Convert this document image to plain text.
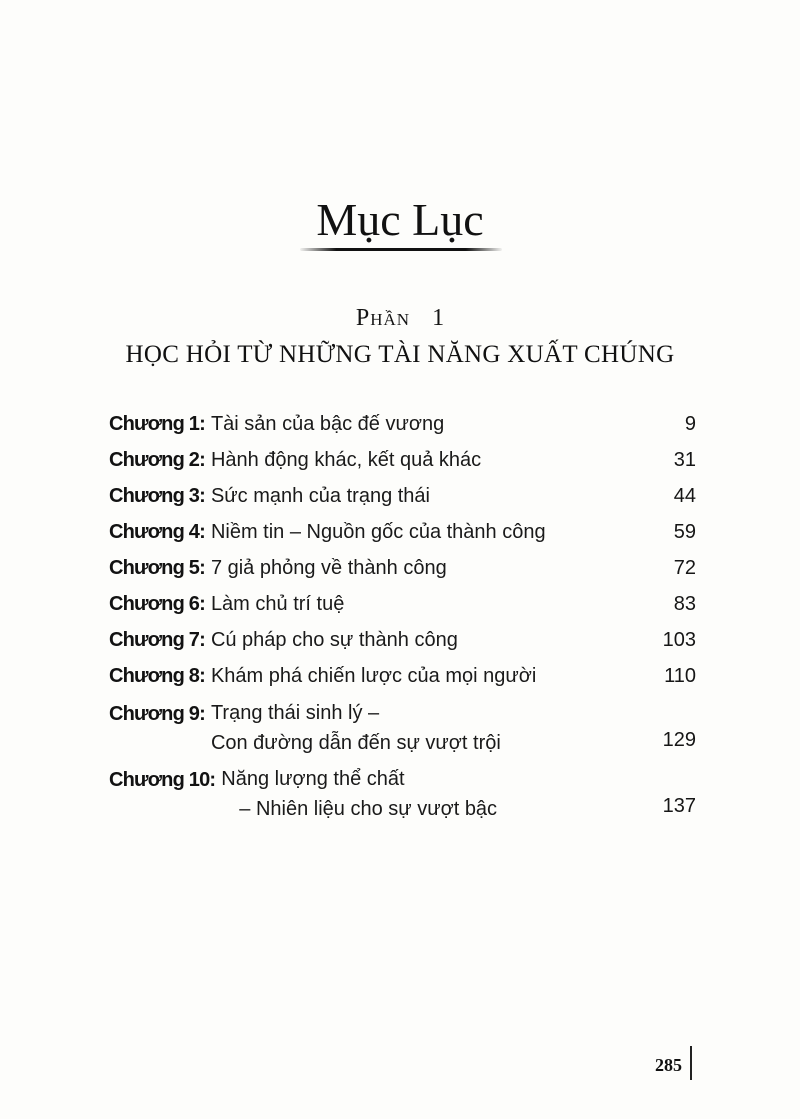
Mục Lục
Phần 1
HỌC HỎI TỪ NHỮNG TÀI NĂNG XUẤT CHÚNG
Chương 1: Tài sản của bậc đế vương	9
Chương 2: Hành động khác, kết quả khác	31
Chương 3: Sức mạnh của trạng thái	44
Chương 4: Niềm tin – Nguồn gốc của thành công	59
Chương 5: 7 giả phỏng về thành công	72
Chương 6: Làm chủ trí tuệ	83
Chương 7: Cú pháp cho sự thành công	103
Chương 8: Khám phá chiến lược của mọi người	110
Chương 9: Trạng thái sinh lý –
Con đường dẫn đến sự vượt trội	129
Chương 10: Năng lượng thể chất
– Nhiên liệu cho sự vượt bậc	137
285
